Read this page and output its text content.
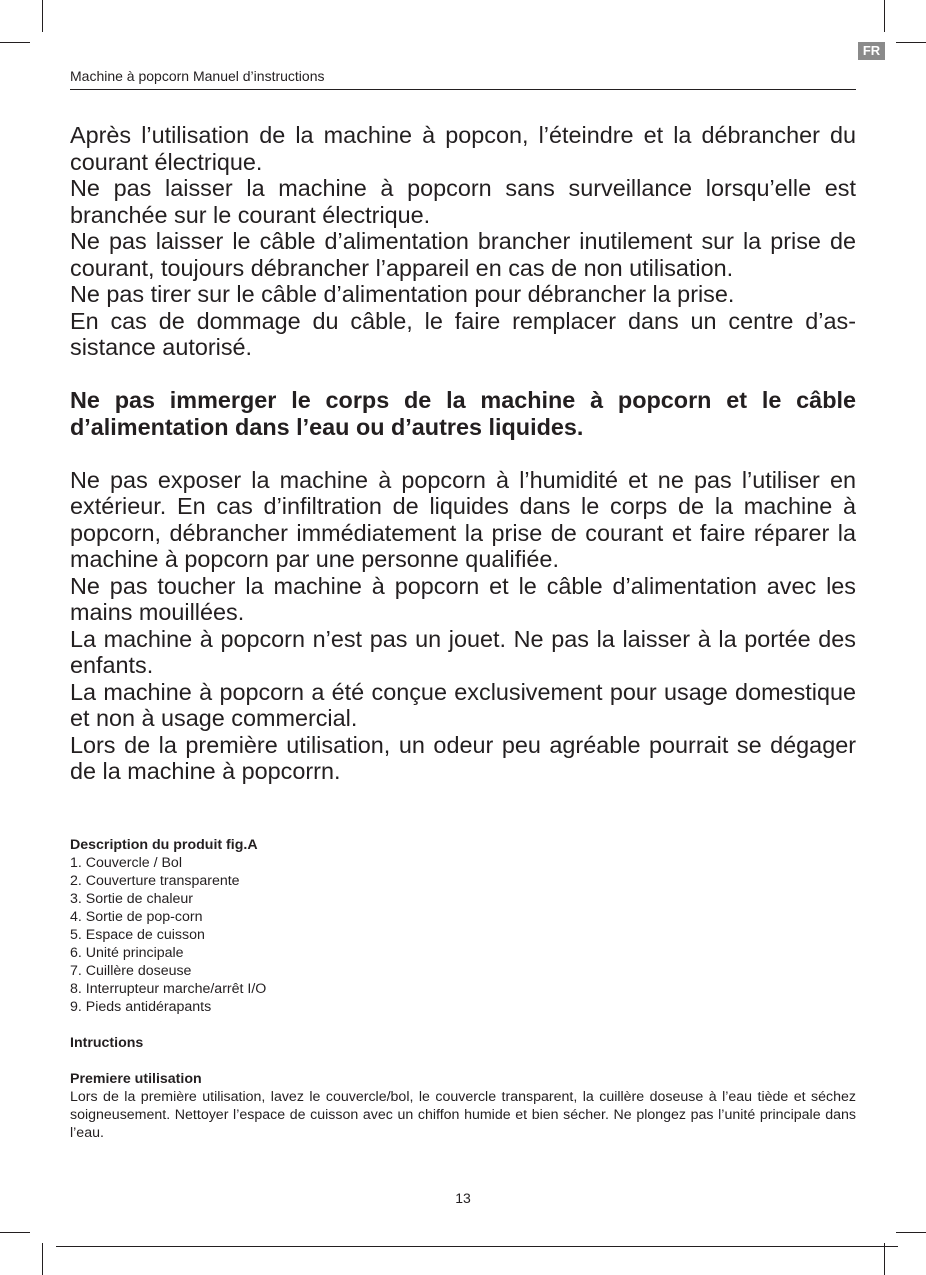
FR
Machine à popcorn Manuel d’instructions

Après l’utilisation de la machine à popcon, l’éteindre et la débrancher du courant électrique.

Ne pas laisser la machine à popcorn sans surveillance lorsqu’elle est branchée sur le courant électrique.

Ne pas laisser le câble d’alimentation brancher inutilement sur la prise de courant, toujours débrancher l’appareil en cas de non utilisation.

Ne pas tirer sur le câble d’alimentation pour débrancher la prise.

En cas de dommage du câble, le faire remplacer dans un centre d’assistance autorisé.

Ne pas immerger le corps de la machine à popcorn et le câble d’alimentation dans l’eau ou d’autres liquides.

Ne pas exposer la machine à popcorn à l’humidité et ne pas l’utiliser en extérieur. En cas d’infiltration de liquides dans le corps de la machine à popcorn, débrancher immédiatement la prise de courant et faire réparer la machine à popcorn par une personne qualifiée.

Ne pas toucher la machine à popcorn et le câble d’alimentation avec les mains mouillées.

La machine à popcorn n’est pas un jouet. Ne pas la laisser à la portée des enfants.

La machine à popcorn a été conçue exclusivement pour usage domestique et non à usage commercial.

Lors de la première utilisation, un odeur peu agréable pourrait se dégager de la machine à popcorrn.

Description du produit fig.A

1. Couvercle / Bol

2. Couverture transparente

3. Sortie de chaleur

4. Sortie de pop-corn

5. Espace de cuisson

6. Unité principale

7. Cuillère doseuse

8. Interrupteur marche/arrêt I/O

9. Pieds antidérapants

Intructions

Premiere utilisation

Lors de la première utilisation, lavez le couvercle/bol, le couvercle transparent, la cuillère doseuse à l’eau tiède et séchez soigneusement. Nettoyer l’espace de cuisson avec un chiffon humide et bien sécher. Ne plongez pas l’unité principale dans l’eau.

13
